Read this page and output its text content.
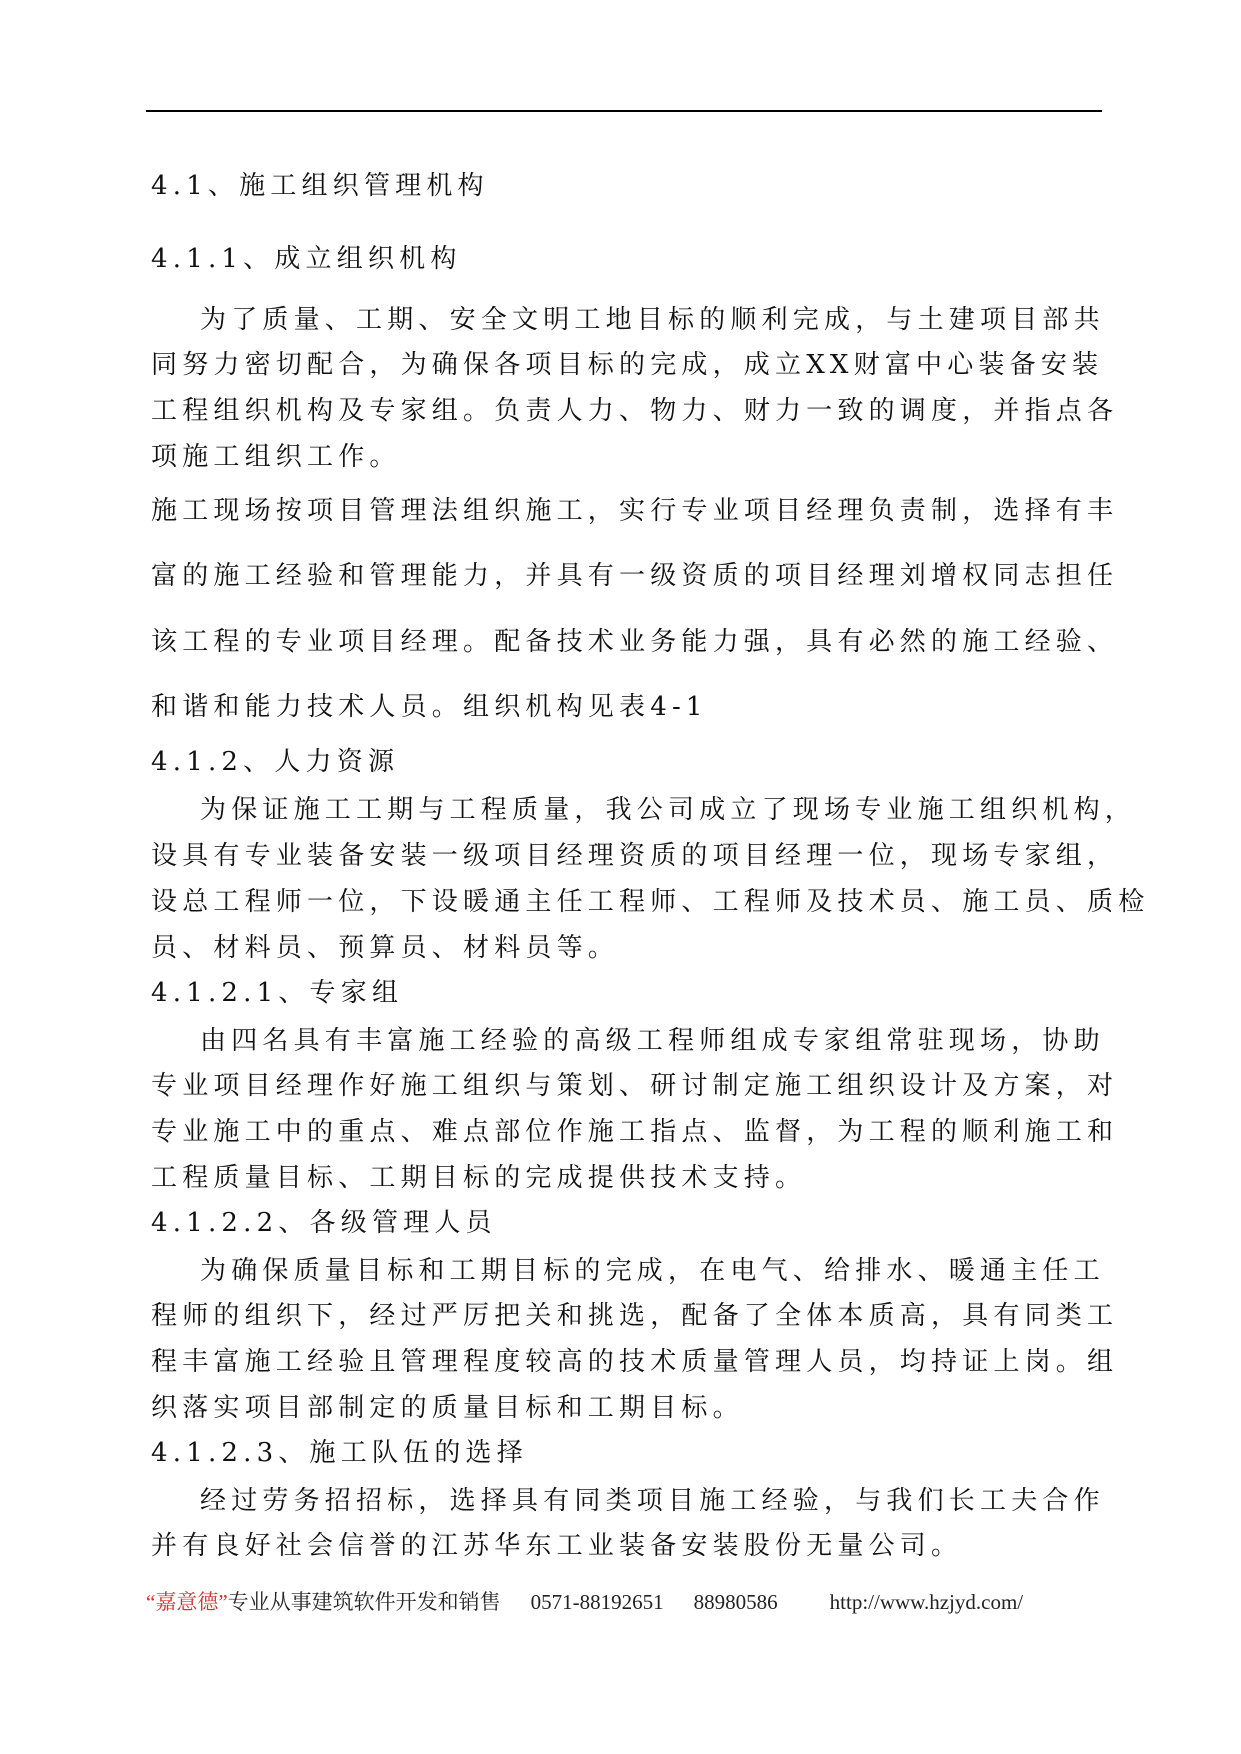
4.1、施工组织管理机构
4.1.1、成立组织机构
为了质量、工期、安全文明工地目标的顺利完成，与土建项目部共
同努力密切配合，为确保各项目标的完成，成立XX财富中心装备安装
工程组织机构及专家组。负责人力、物力、财力一致的调度，并指点各
项施工组织工作。
施工现场按项目管理法组织施工，实行专业项目经理负责制，选择有丰
富的施工经验和管理能力，并具有一级资质的项目经理刘增权同志担任
该工程的专业项目经理。配备技术业务能力强，具有必然的施工经验、
和谐和能力技术人员。组织机构见表4-1
4.1.2、人力资源
为保证施工工期与工程质量，我公司成立了现场专业施工组织机构，
设具有专业装备安装一级项目经理资质的项目经理一位，现场专家组，
设总工程师一位，下设暖通主任工程师、工程师及技术员、施工员、质检
员、材料员、预算员、材料员等。
4.1.2.1、专家组
由四名具有丰富施工经验的高级工程师组成专家组常驻现场，协助
专业项目经理作好施工组织与策划、研讨制定施工组织设计及方案，对
专业施工中的重点、难点部位作施工指点、监督，为工程的顺利施工和
工程质量目标、工期目标的完成提供技术支持。
4.1.2.2、各级管理人员
为确保质量目标和工期目标的完成，在电气、给排水、暖通主任工
程师的组织下，经过严厉把关和挑选，配备了全体本质高，具有同类工
程丰富施工经验且管理程度较高的技术质量管理人员，均持证上岗。组
织落实项目部制定的质量目标和工期目标。
4.1.2.3、施工队伍的选择
经过劳务招招标，选择具有同类项目施工经验，与我们长工夫合作
并有良好社会信誉的江苏华东工业装备安装股份无量公司。
“嘉意德”专业从事建筑软件开发和销售 0571-88192651 88980586 http://www.hzjyd.com/
